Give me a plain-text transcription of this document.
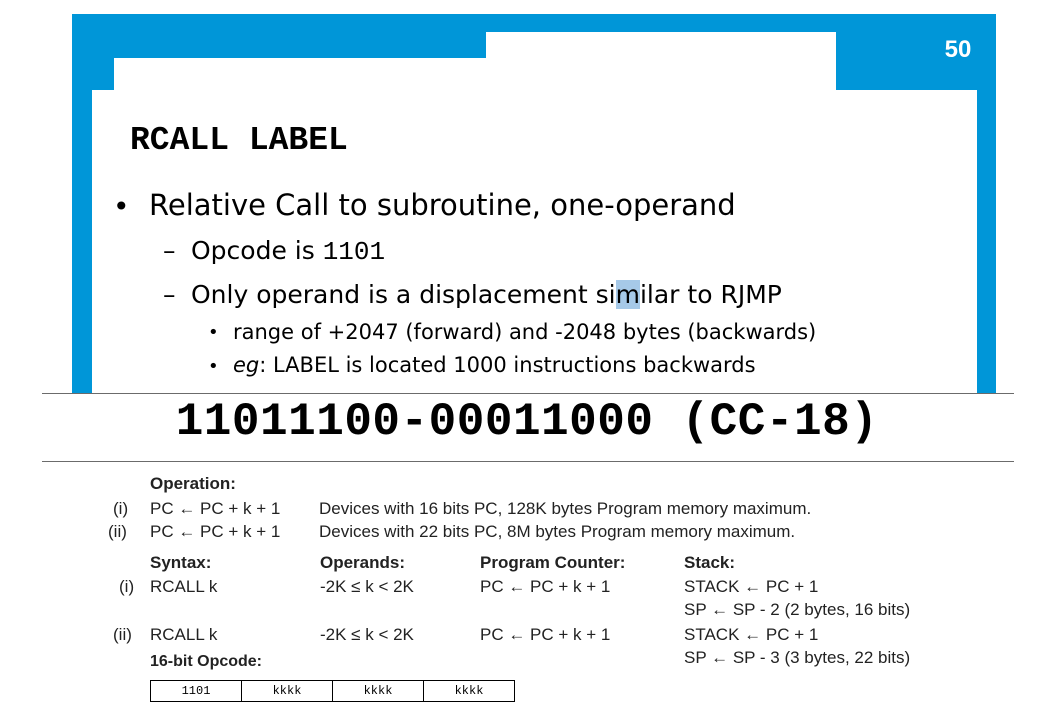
50
RCALL LABEL
• Relative Call to subroutine, one-operand
– Opcode is 1101
– Only operand is a displacement similar to RJMP
• range of +2047 (forward) and -2048 bytes (backwards)
• eg: LABEL is located 1000 instructions backwards
11011100-00011000 (CC-18)
Operation:
(i) PC ← PC + k + 1 Devices with 16 bits PC, 128K bytes Program memory maximum.
(ii) PC ← PC + k + 1 Devices with 22 bits PC, 8M bytes Program memory maximum.
Syntax:	Operands:	Program Counter:	Stack:
(i) RCALL k	-2K ≤ k < 2K	PC ← PC + k + 1	STACK ← PC + 1
SP ← SP - 2 (2 bytes, 16 bits)
(ii) RCALL k	-2K ≤ k < 2K	PC ← PC + k + 1	STACK ← PC + 1
SP ← SP - 3 (3 bytes, 22 bits)
16-bit Opcode:
1101	kkkk	kkkk	kkkk
